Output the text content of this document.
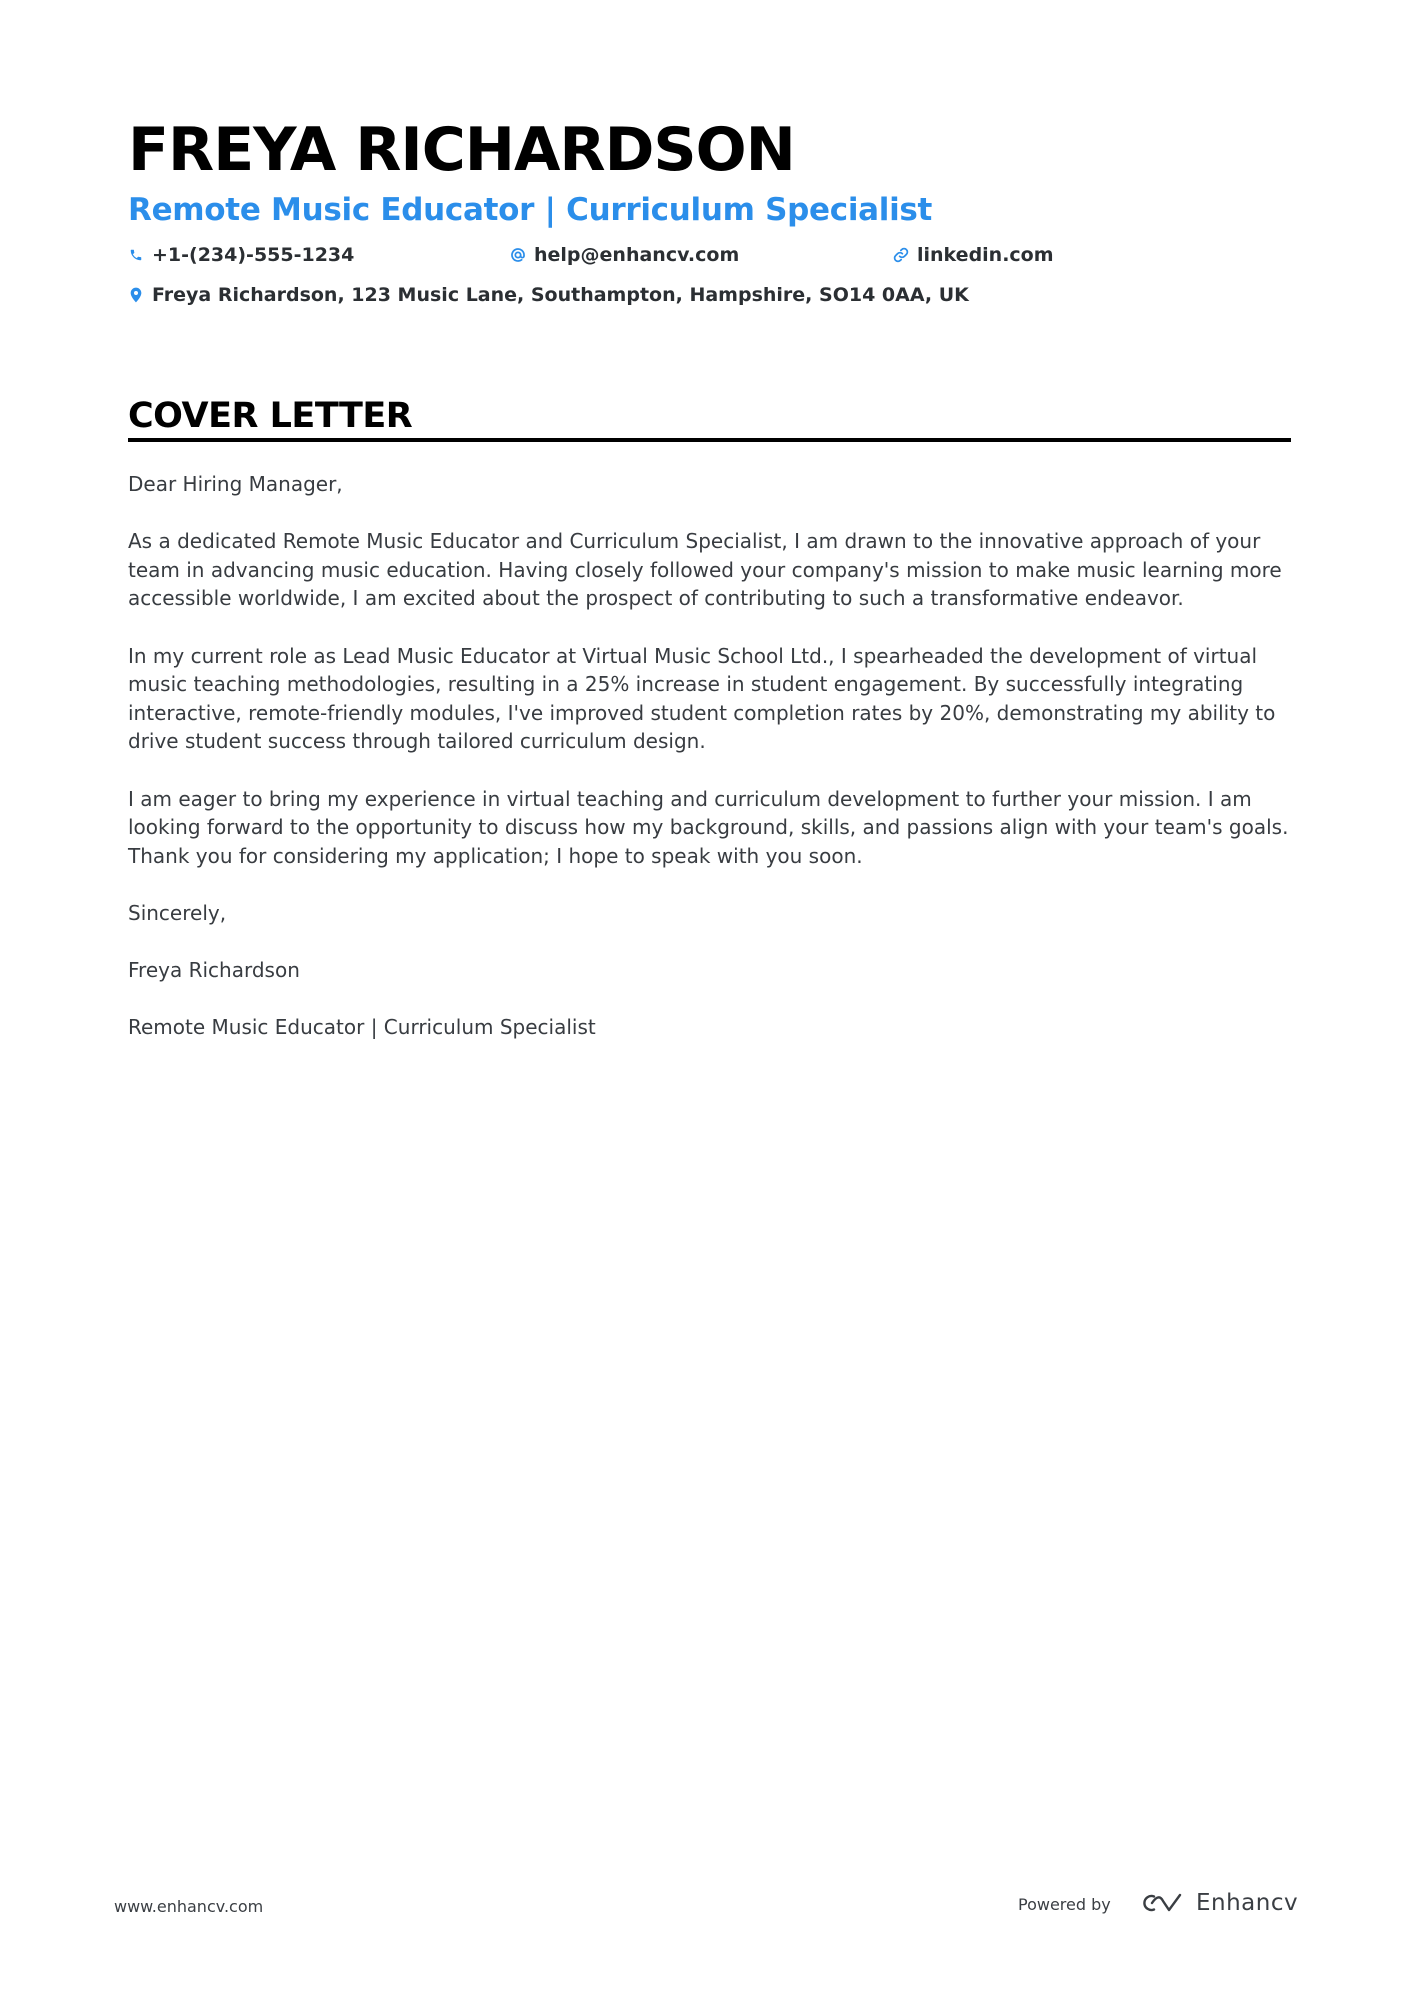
FREYA RICHARDSON
Remote Music Educator | Curriculum Specialist
+1-(234)-555-1234	help@enhancv.com	linkedin.com
Freya Richardson, 123 Music Lane, Southampton, Hampshire, SO14 0AA, UK
COVER LETTER

Dear Hiring Manager,

As a dedicated Remote Music Educator and Curriculum Specialist, I am drawn to the innovative approach of your team in advancing music education. Having closely followed your company's mission to make music learning more accessible worldwide, I am excited about the prospect of contributing to such a transformative endeavor.

In my current role as Lead Music Educator at Virtual Music School Ltd., I spearheaded the development of virtual music teaching methodologies, resulting in a 25% increase in student engagement. By successfully integrating interactive, remote-friendly modules, I've improved student completion rates by 20%, demonstrating my ability to drive student success through tailored curriculum design.

I am eager to bring my experience in virtual teaching and curriculum development to further your mission. I am looking forward to the opportunity to discuss how my background, skills, and passions align with your team's goals. Thank you for considering my application; I hope to speak with you soon.

Sincerely,

Freya Richardson

Remote Music Educator | Curriculum Specialist

www.enhancv.com	Powered by	Enhancv
